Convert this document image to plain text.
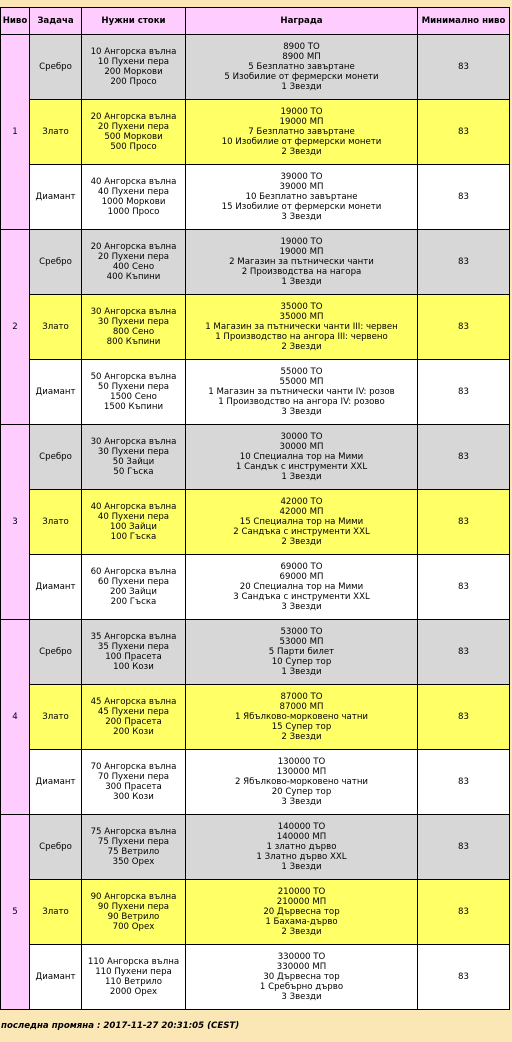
Ниво	Задача	Нужни стоки	Награда	Минимално ниво
1	Сребро	10 Ангорска вълна
10 Пухени пера
200 Моркови
200 Просо	8900 ТО
8900 МП
5 Безплатно завъртане
5 Изобилие от фермерски монети
1 Звезди	83
	Злато	20 Ангорска вълна
20 Пухени пера
500 Моркови
500 Просо	19000 ТО
19000 МП
7 Безплатно завъртане
10 Изобилие от фермерски монети
2 Звезди	83
	Диамант	40 Ангорска вълна
40 Пухени пера
1000 Моркови
1000 Просо	39000 ТО
39000 МП
10 Безплатно завъртане
15 Изобилие от фермерски монети
3 Звезди	83
2	Сребро	20 Ангорска вълна
20 Пухени пера
400 Сено
400 Къпини	19000 ТО
19000 МП
2 Магазин за пътнически чанти
2 Производства на нагора
1 Звезди	83
	Злато	30 Ангорска вълна
30 Пухени пера
800 Сено
800 Къпини	35000 ТО
35000 МП
1 Магазин за пътнически чанти III: червен
1 Производство на ангора III: червено
2 Звезди	83
	Диамант	50 Ангорска вълна
50 Пухени пера
1500 Сено
1500 Къпини	55000 ТО
55000 МП
1 Магазин за пътнически чанти IV: розов
1 Производство на ангора IV: розово
3 Звезди	83
3	Сребро	30 Ангорска вълна
30 Пухени пера
50 Зайци
50 Гъска	30000 ТО
30000 МП
10 Специална тор на Мими
1 Сандък с инструменти XXL
1 Звезди	83
	Злато	40 Ангорска вълна
40 Пухени пера
100 Зайци
100 Гъска	42000 ТО
42000 МП
15 Специална тор на Мими
2 Сандъка с инструменти XXL
2 Звезди	83
	Диамант	60 Ангорска вълна
60 Пухени пера
200 Зайци
200 Гъска	69000 ТО
69000 МП
20 Специална тор на Мими
3 Сандъка с инструменти XXL
3 Звезди	83
4	Сребро	35 Ангорска вълна
35 Пухени пера
100 Прасета
100 Кози	53000 ТО
53000 МП
5 Парти билет
10 Супер тор
1 Звезди	83
	Злато	45 Ангорска вълна
45 Пухени пера
200 Прасета
200 Кози	87000 ТО
87000 МП
1 Ябълково-морковено чатни
15 Супер тор
2 Звезди	83
	Диамант	70 Ангорска вълна
70 Пухени пера
300 Прасета
300 Кози	130000 ТО
130000 МП
2 Ябълково-морковено чатни
20 Супер тор
3 Звезди	83
5	Сребро	75 Ангорска вълна
75 Пухени пера
75 Ветрило
350 Орех	140000 ТО
140000 МП
1 златно дърво
1 Златно дърво XXL
1 Звезди	83
	Злато	90 Ангорска вълна
90 Пухени пера
90 Ветрило
700 Орех	210000 ТО
210000 МП
20 Дървесна тор
1 Бахама-дърво
2 Звезди	83
	Диамант	110 Ангорска вълна
110 Пухени пера
110 Ветрило
2000 Орех	330000 ТО
330000 МП
30 Дървесна тор
1 Сребърно дърво
3 Звезди	83
последна промяна : 2017-11-27 20:31:05 (CEST)
